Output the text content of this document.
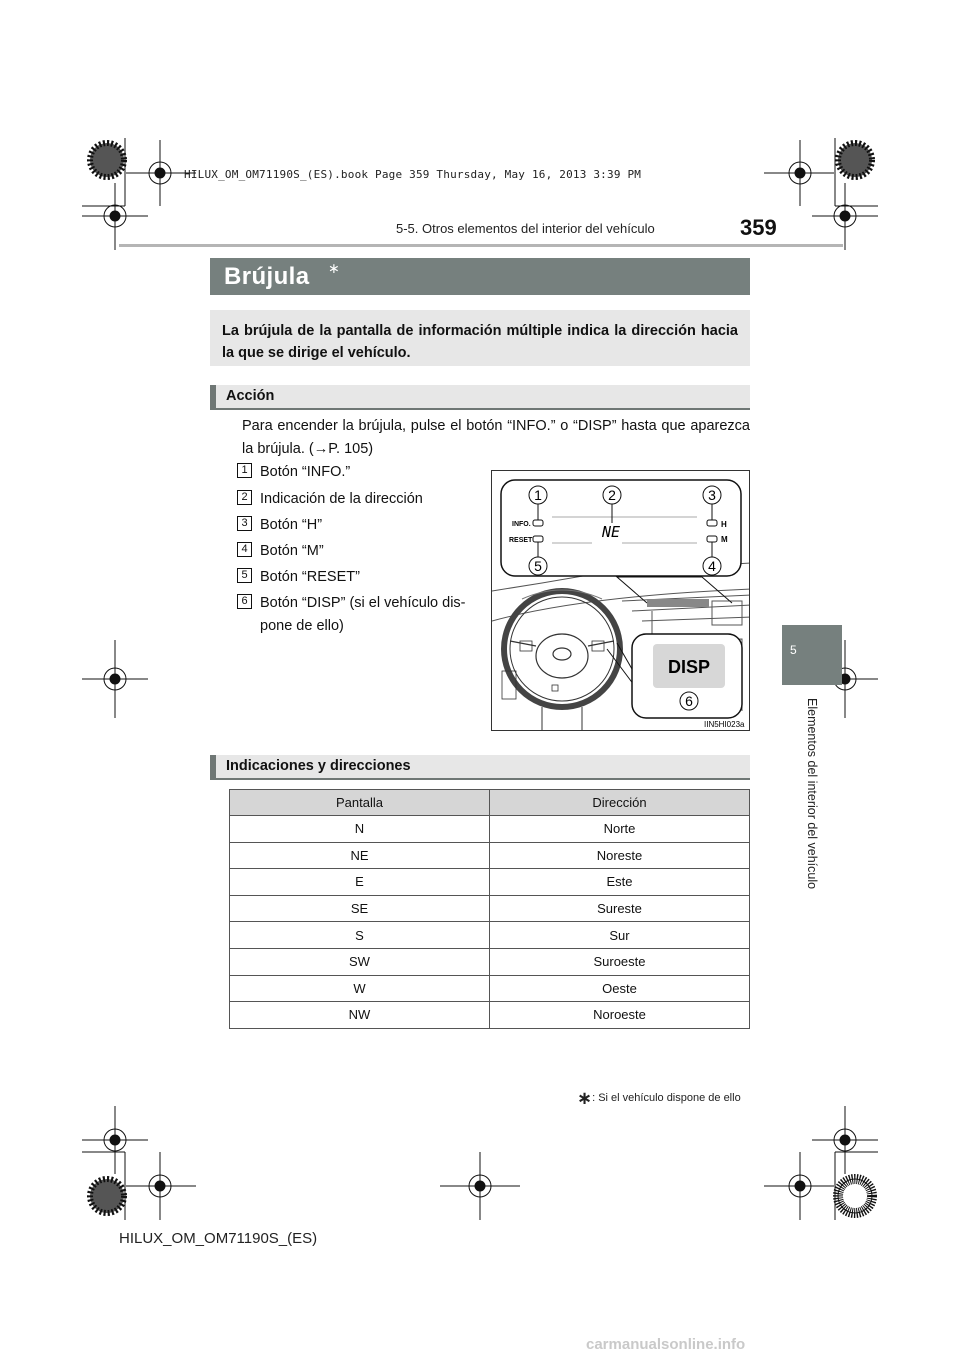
HILUX_OM_OM71190S_(ES).book Page 359 Thursday, May 16, 2013 3:39 PM
5-5. Otros elementos del interior del vehículo	359
Brújula ∗
La brújula de la pantalla de información múltiple indica la dirección hacia la que se dirige el vehículo.
Acción
Para encender la brújula, pulse el botón “INFO.” o “DISP” hasta que aparezca la brújula. (→P. 105)
1 Botón “INFO.”
2 Indicación de la dirección
3 Botón “H”
4 Botón “M”
5 Botón “RESET”
6 Botón “DISP” (si el vehículo dis-
pone de ello)
INFO.
RESET
H
M
NE
1	2	3
4
5
DISP
6
IIN5HI023a
5
Elementos del interior del vehículo
Indicaciones y direcciones
Pantalla	Dirección
N	Norte
NE	Noreste
E	Este
SE	Sureste
S	Sur
SW	Suroeste
W	Oeste
NW	Noroeste
∗: Si el vehículo dispone de ello
HILUX_OM_OM71190S_(ES)
carmanualsonline.info
